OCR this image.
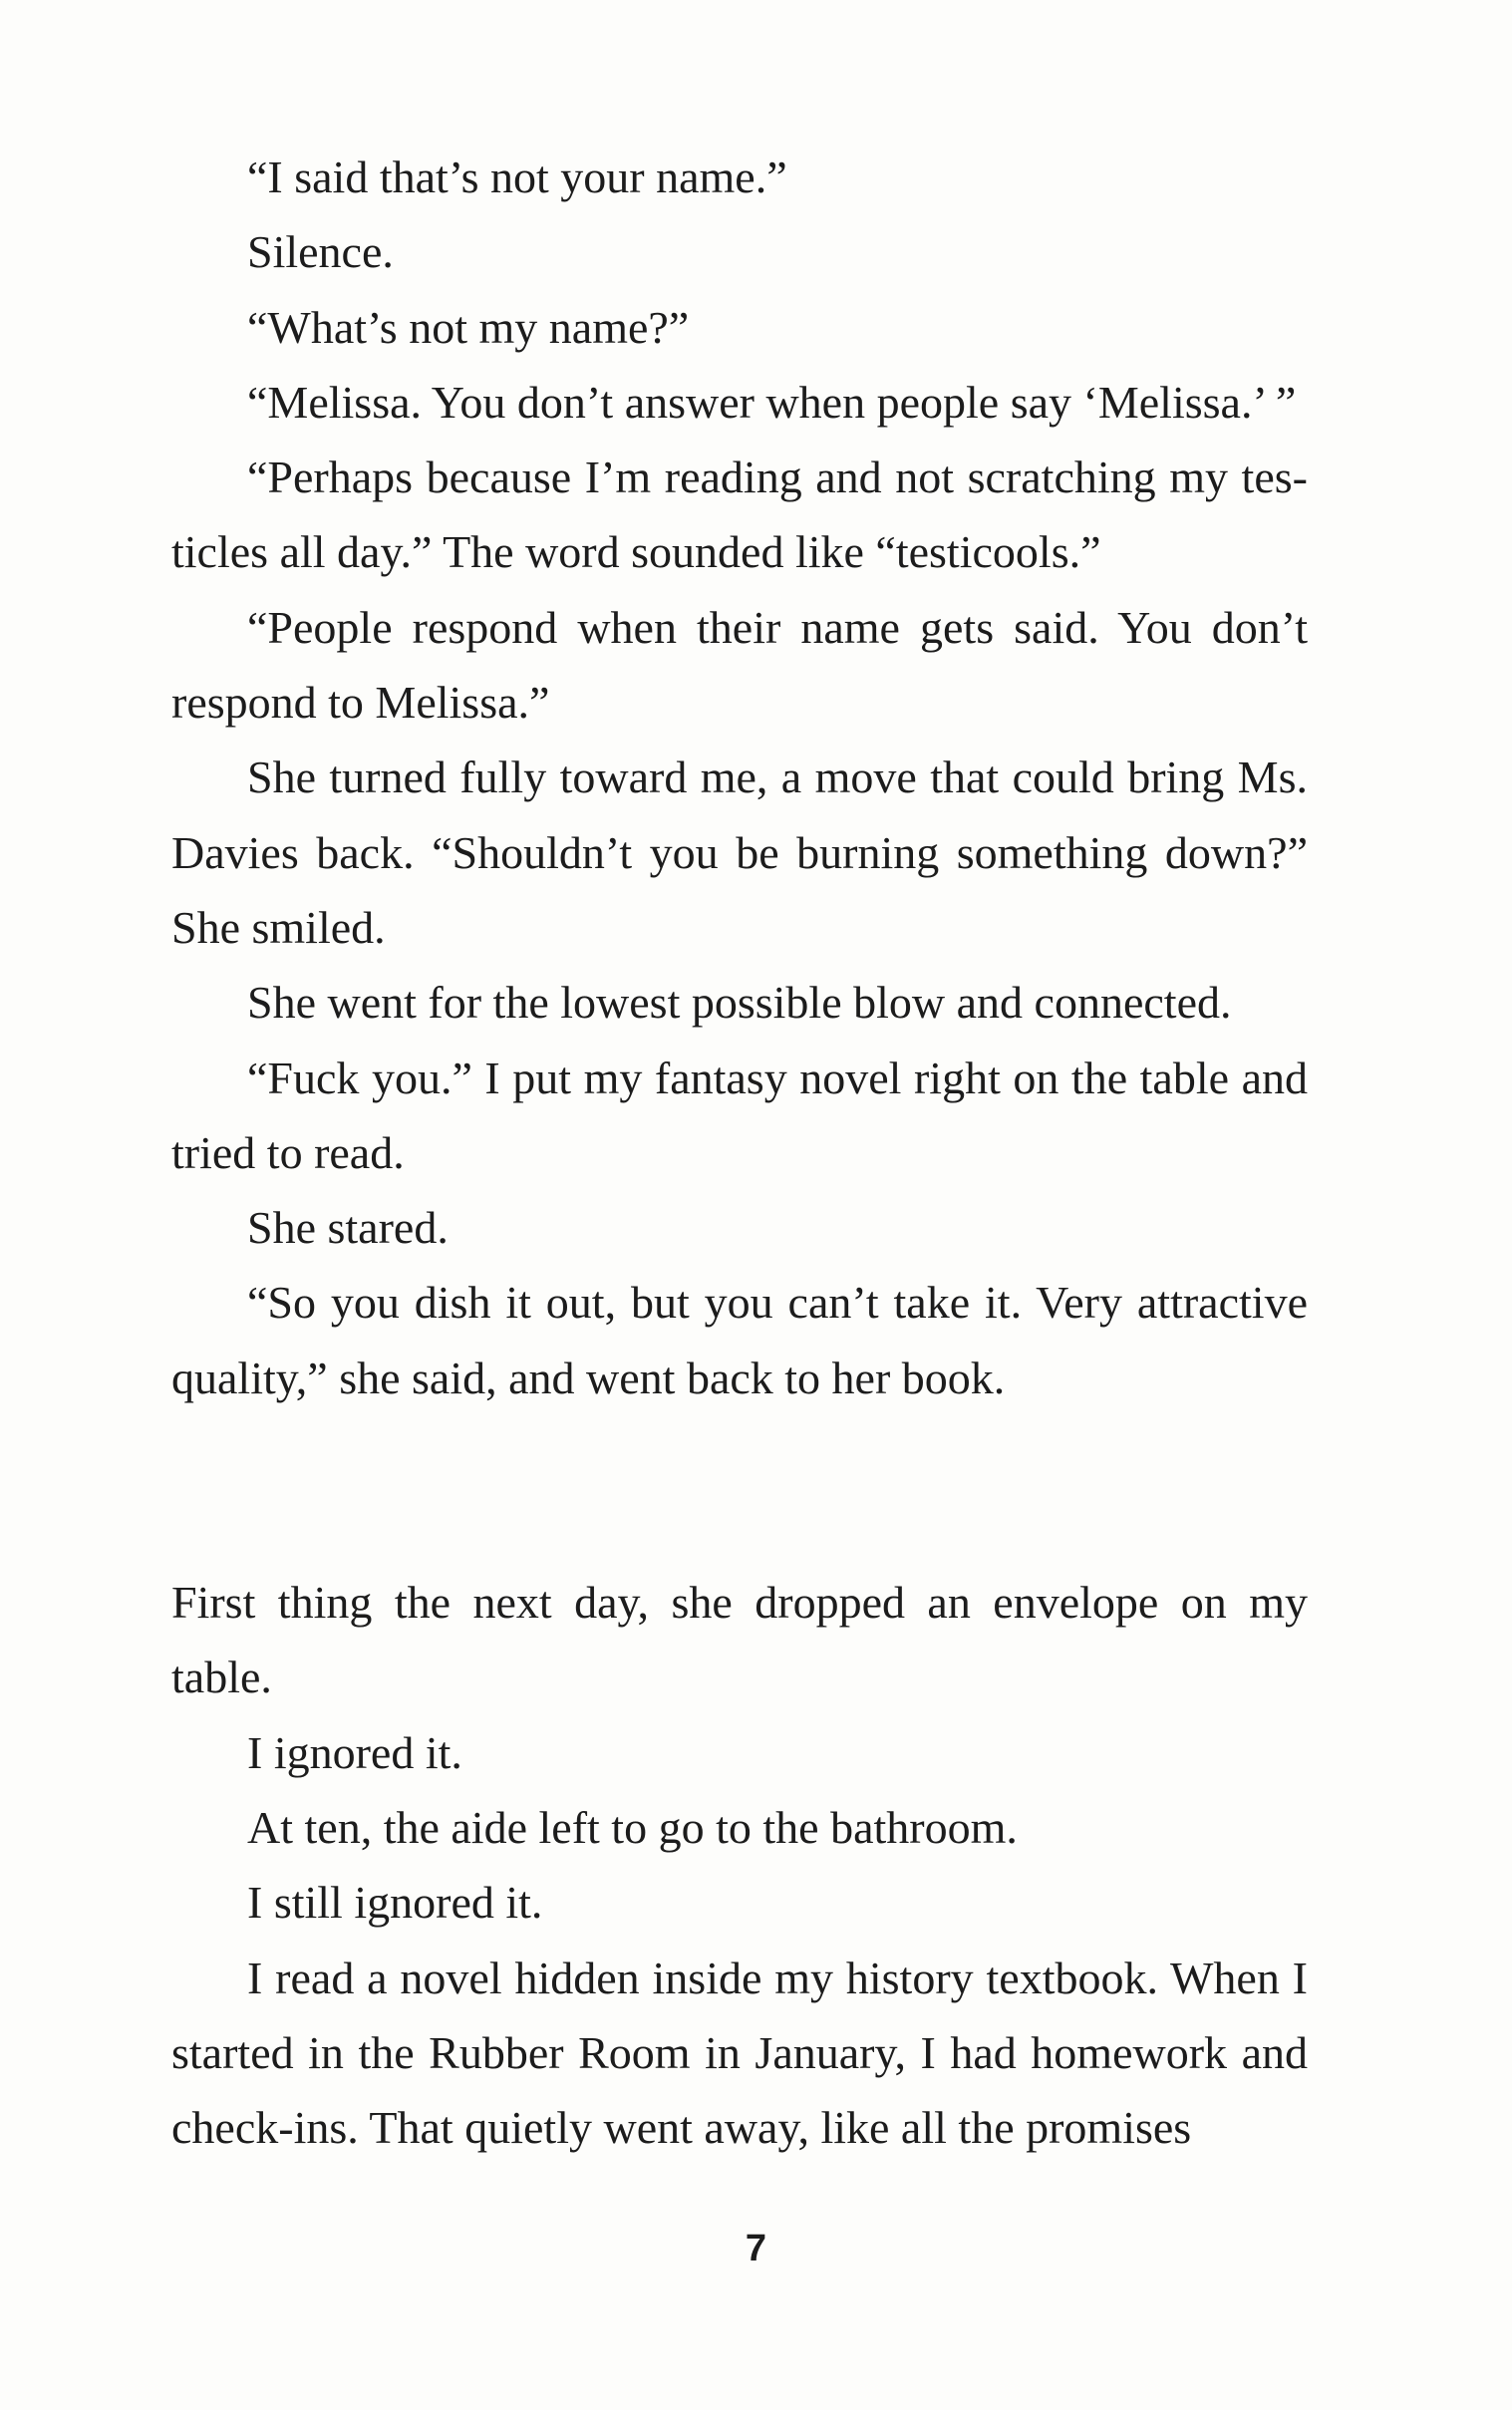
“I said that’s not your name.”

Silence.

“What’s not my name?”

“Melissa. You don’t answer when people say ‘Melissa.’ ”

“Perhaps because I’m reading and not scratching my testicles all day.” The word sounded like “testicools.”

“People respond when their name gets said. You don’t respond to Melissa.”

She turned fully toward me, a move that could bring Ms. Davies back. “Shouldn’t you be burning something down?” She smiled.

She went for the lowest possible blow and connected.

“Fuck you.” I put my fantasy novel right on the table and tried to read.

She stared.

“So you dish it out, but you can’t take it. Very attractive quality,” she said, and went back to her book.

First thing the next day, she dropped an envelope on my table.

I ignored it.

At ten, the aide left to go to the bathroom.

I still ignored it.

I read a novel hidden inside my history textbook. When I started in the Rubber Room in January, I had homework and check-ins. That quietly went away, like all the promises

7
